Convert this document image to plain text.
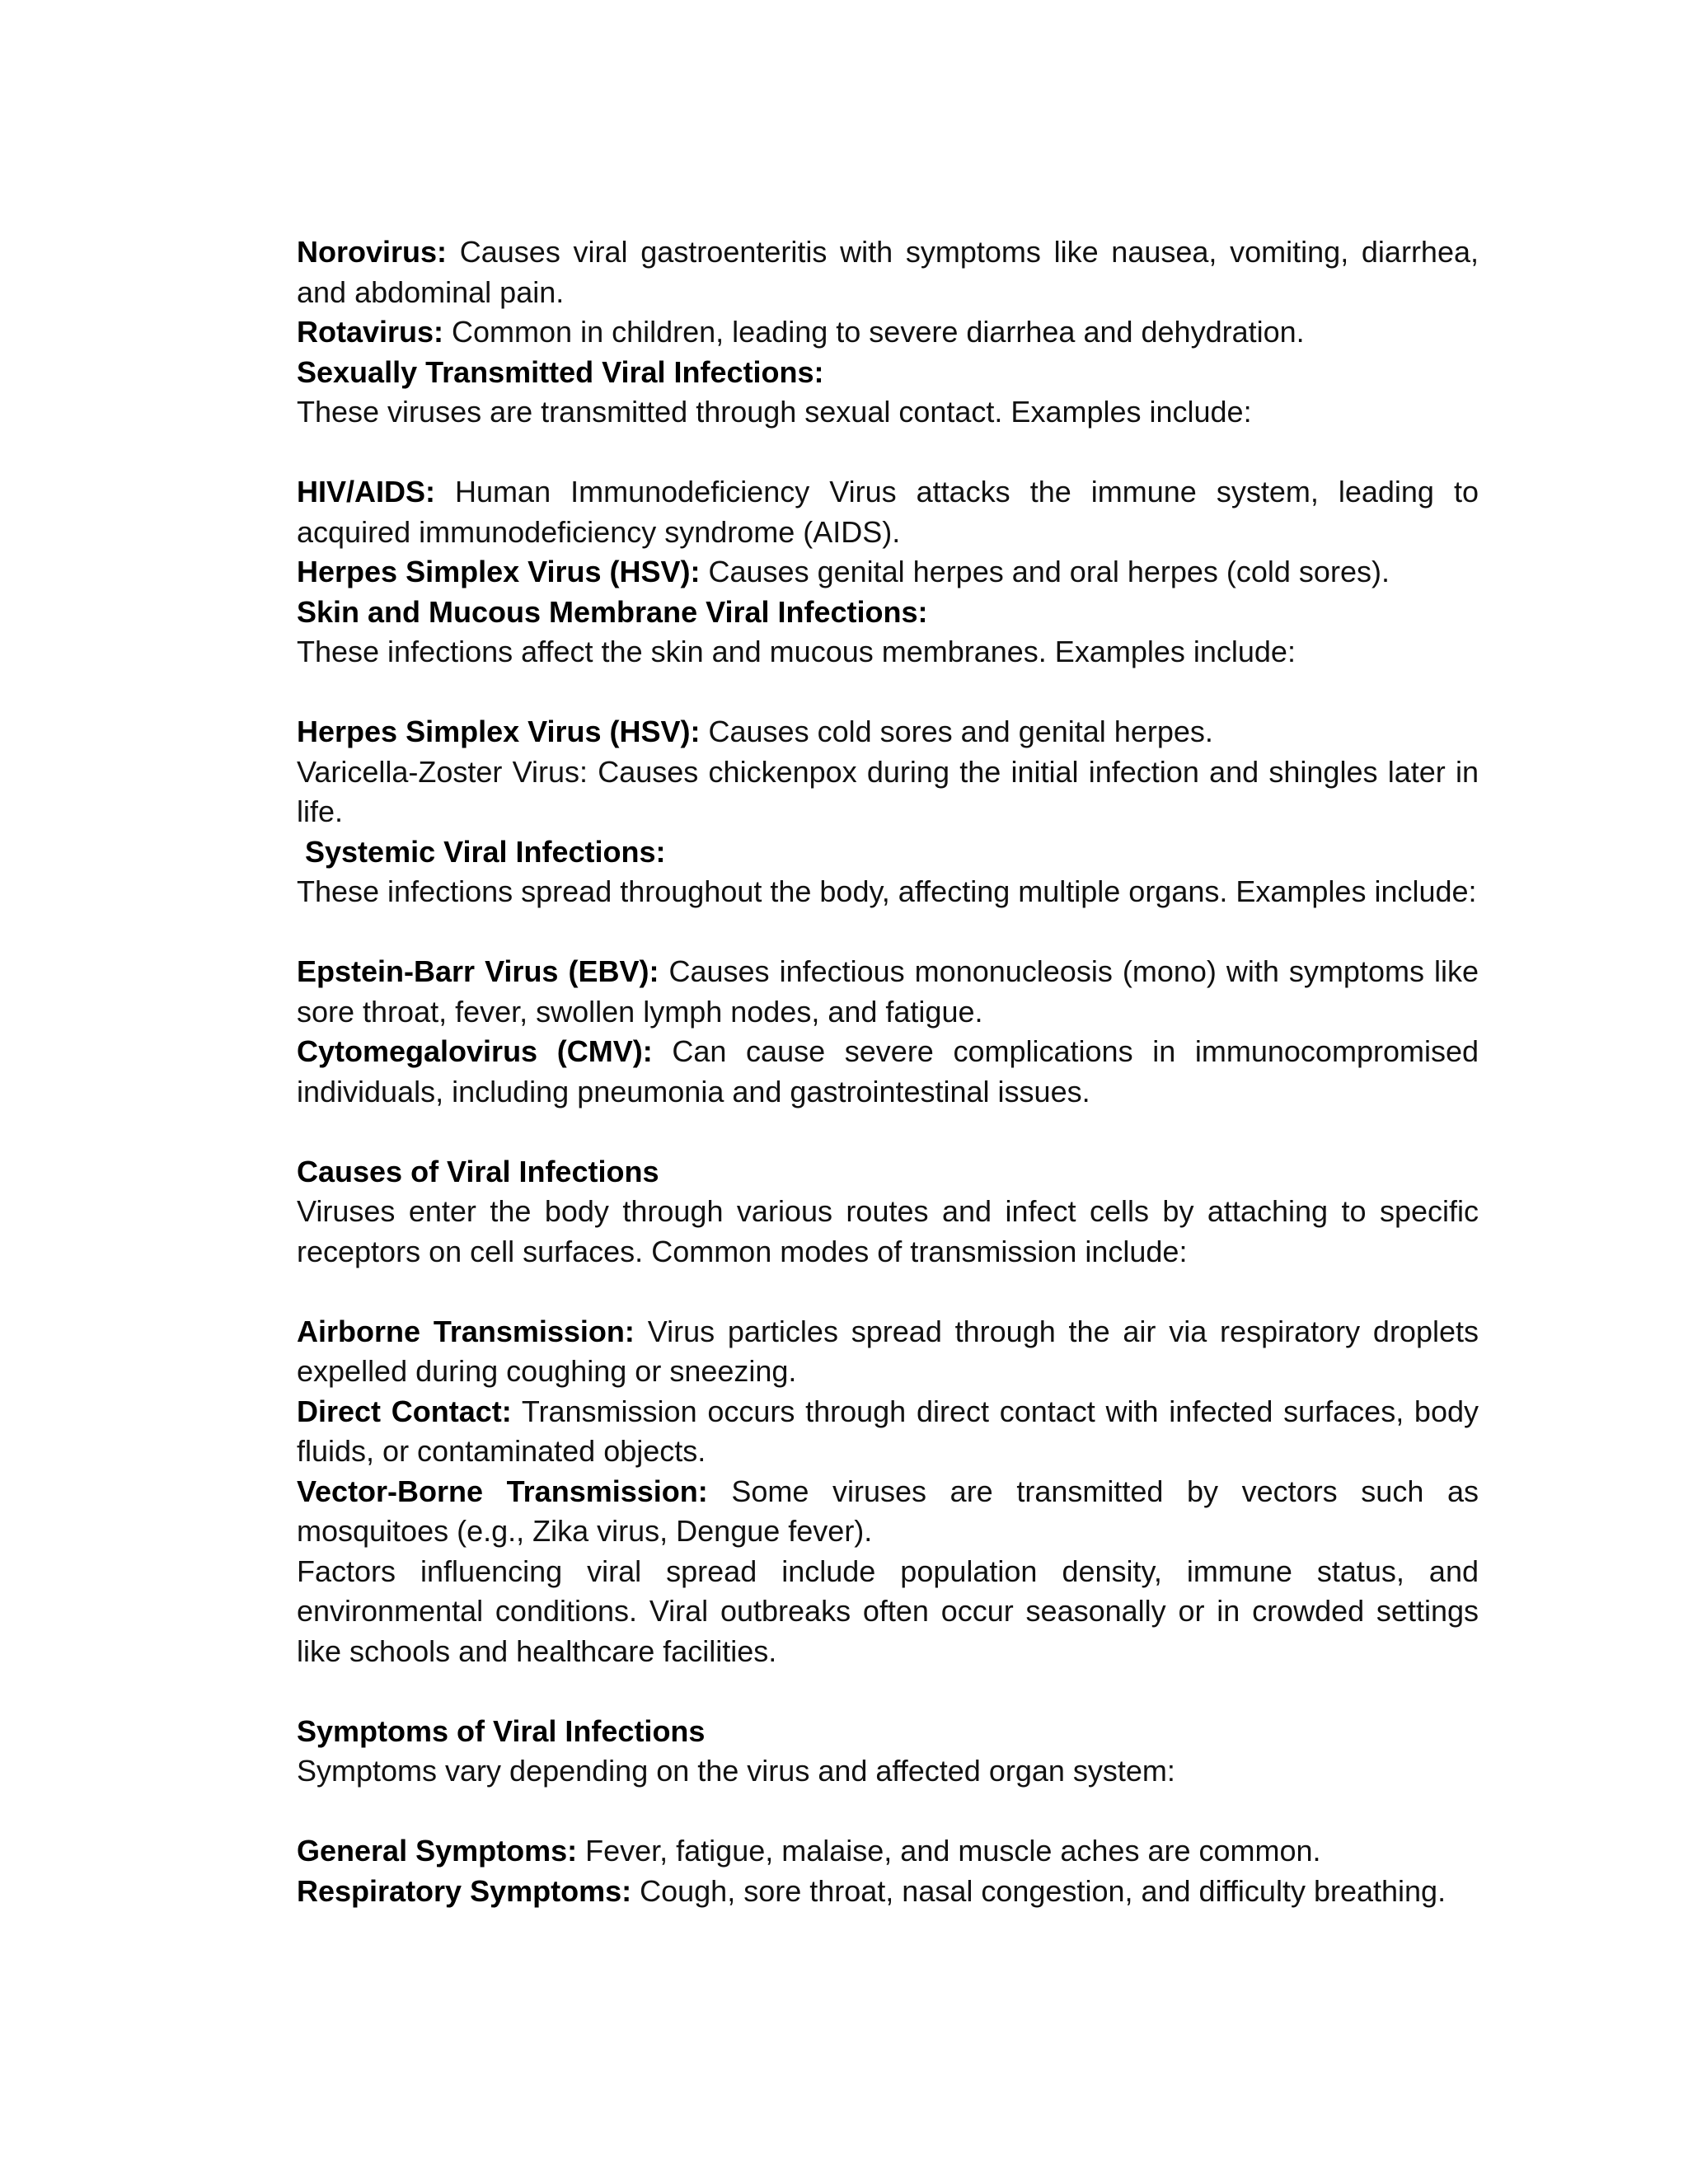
Norovirus: Causes viral gastroenteritis with symptoms like nausea, vomiting, diarrhea, and abdominal pain.

Rotavirus: Common in children, leading to severe diarrhea and dehydration.

Sexually Transmitted Viral Infections:

These viruses are transmitted through sexual contact. Examples include:

HIV/AIDS: Human Immunodeficiency Virus attacks the immune system, leading to acquired immunodeficiency syndrome (AIDS).

Herpes Simplex Virus (HSV): Causes genital herpes and oral herpes (cold sores).

Skin and Mucous Membrane Viral Infections:

These infections affect the skin and mucous membranes. Examples include:

Herpes Simplex Virus (HSV): Causes cold sores and genital herpes.

Varicella-Zoster Virus: Causes chickenpox during the initial infection and shingles later in life.

Systemic Viral Infections:

These infections spread throughout the body, affecting multiple organs. Examples include:

Epstein-Barr Virus (EBV): Causes infectious mononucleosis (mono) with symptoms like sore throat, fever, swollen lymph nodes, and fatigue.

Cytomegalovirus (CMV): Can cause severe complications in immunocompromised individuals, including pneumonia and gastrointestinal issues.

Causes of Viral Infections

Viruses enter the body through various routes and infect cells by attaching to specific receptors on cell surfaces. Common modes of transmission include:

Airborne Transmission: Virus particles spread through the air via respiratory droplets expelled during coughing or sneezing.

Direct Contact: Transmission occurs through direct contact with infected surfaces, body fluids, or contaminated objects.

Vector-Borne Transmission: Some viruses are transmitted by vectors such as mosquitoes (e.g., Zika virus, Dengue fever).

Factors influencing viral spread include population density, immune status, and environmental conditions. Viral outbreaks often occur seasonally or in crowded settings like schools and healthcare facilities.

Symptoms of Viral Infections

Symptoms vary depending on the virus and affected organ system:

General Symptoms: Fever, fatigue, malaise, and muscle aches are common.

Respiratory Symptoms: Cough, sore throat, nasal congestion, and difficulty breathing.
